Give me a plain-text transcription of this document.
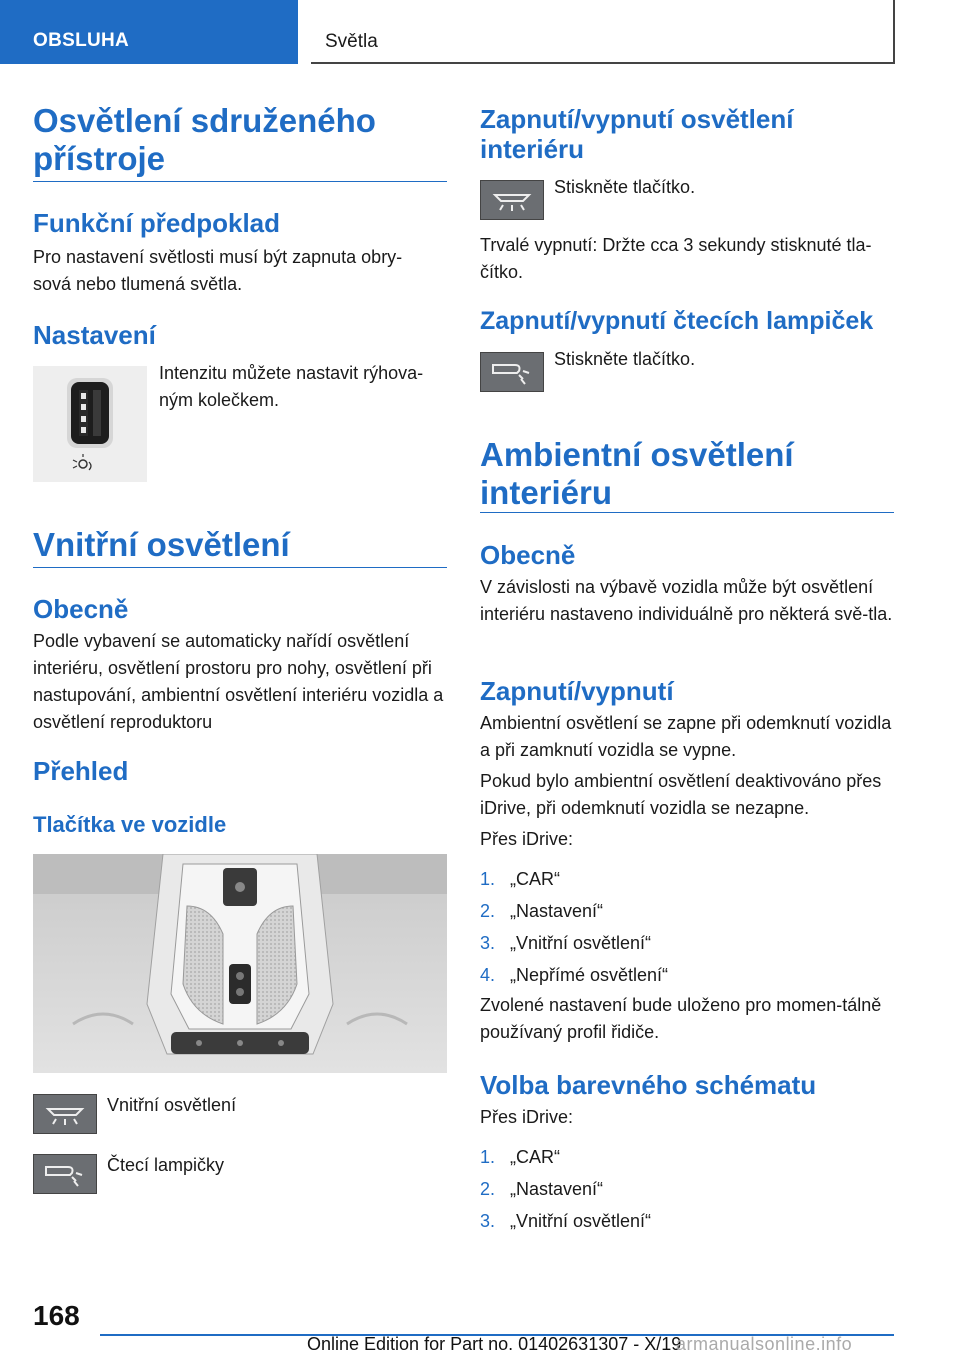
OBSLUHA	Světla
Osvětlení sdruženého přístroje
Funkční předpoklad

Pro nastavení světlosti musí být zapnuta obry-sová nebo tlumená světla.

Nastavení

Intenzitu můžete nastavit rýhova-ným kolečkem.

Vnitřní osvětlení
Obecně

Podle vybavení se automaticky nařídí osvětlení interiéru, osvětlení prostoru pro nohy, osvětlení při nastupování, ambientní osvětlení interiéru vozidla a osvětlení reproduktoru

Přehled
Tlačítka ve vozidle

Vnitřní osvětlení

Čtecí lampičky

Zapnutí/vypnutí osvětlení interiéru

Stiskněte tlačítko.

Trvalé vypnutí: Držte cca 3 sekundy stisknuté tla-čítko.

Zapnutí/vypnutí čtecích lampiček

Stiskněte tlačítko.

Ambientní osvětlení interiéru
Obecně

V závislosti na výbavě vozidla může být osvětlení interiéru nastaveno individuálně pro některá svě-tla.

Zapnutí/vypnutí

Ambientní osvětlení se zapne při odemknutí vozidla a při zamknutí vozidla se vypne.

Pokud bylo ambientní osvětlení deaktivováno přes iDrive, při odemknutí vozidla se nezapne.

Přes iDrive:

1. „CAR“
2. „Nastavení“
3. „Vnitřní osvětlení“
4. „Nepřímé osvětlení“

Zvolené nastavení bude uloženo pro momen-tálně používaný profil řidiče.

Volba barevného schématu

Přes iDrive:

1. „CAR“
2. „Nastavení“
3. „Vnitřní osvětlení“
168
Online Edition for Part no. 01402631307 - X/19
armanualsonline.info
